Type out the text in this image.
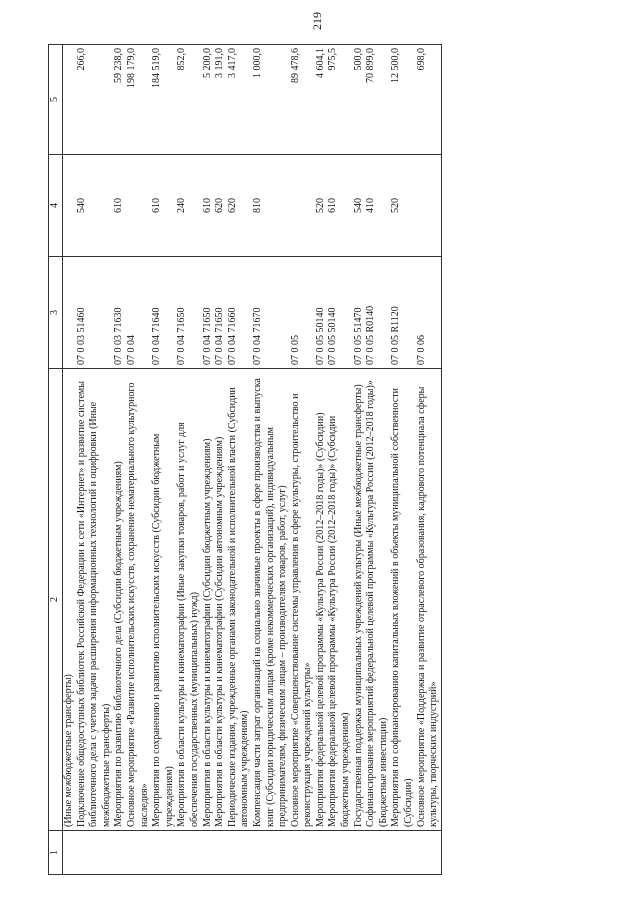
219
1	2	3	4	5
	(Иные межбюджетные трансферты)			
	Подключение общедоступных библиотек Российской Федерации к сети «Интернет» и развитие системы библиотечного дела с учетом задачи расширения информационных технологий и оцифровки (Иные межбюджетные трансферты)	07 0 03 51460	540	266,0
	Мероприятия по развитию библиотечного дела (Субсидии бюджетным учреждениям)	07 0 03 71630	610	59 238,0
	Основное мероприятие «Развитие исполнительских искусств, сохранение нематериального культурного наследия»	07 0 04		198 179,0
	Мероприятия по сохранению и развитию исполнительских искусств (Субсидии бюджетным учреждениям)	07 0 04 71640	610	184 519,0
	Мероприятия в области культуры и кинематографии (Иные закупки товаров, работ и услуг для обеспечения государственных (муниципальных) нужд)	07 0 04 71650	240	852,0
	Мероприятия в области культуры и кинематографии (Субсидии бюджетным учреждениям)	07 0 04 71650	610	5 200,0
	Мероприятия в области культуры и кинематографии (Субсидии автономным учреждениям)	07 0 04 71650	620	3 191,0
	Периодические издания, учрежденные органами законодательной и исполнительной власти (Субсидии автономным учреждениям)	07 0 04 71660	620	3 417,0
	Компенсация части затрат организаций на социально значимые проекты в сфере производства и выпуска книг (Субсидии юридическим лицам (кроме некоммерческих организаций), индивидуальным предпринимателям, физическим лицам – производителям товаров, работ, услуг)	07 0 04 71670	810	1 000,0
	Основное мероприятие «Совершенствование системы управления в сфере культуры, строительство и реконструкция учреждений культуры»	07 0 05		89 478,6
	Мероприятия федеральной целевой программы «Культура России (2012–2018 годы)» (Субсидии)	07 0 05 50140	520	4 604,1
	Мероприятия федеральной целевой программы «Культура России (2012–2018 годы)» (Субсидии бюджетным учреждениям)	07 0 05 50140	610	975,5
	Государственная поддержка муниципальных учреждений культуры (Иные межбюджетные трансферты)	07 0 05 51470	540	500,0
	Софинансирование мероприятий федеральной целевой программы «Культура России (2012–2018 годы)» (Бюджетные инвестиции)	07 0 05 R0140	410	70 899,0
	Мероприятия по софинансированию капитальных вложений в объекты муниципальной собственности (Субсидии)	07 0 05 R1120	520	12 500,0
	Основное мероприятие «Поддержка и развитие отраслевого образования, кадрового потенциала сферы культуры, творческих индустрий»	07 0 06		698,0
